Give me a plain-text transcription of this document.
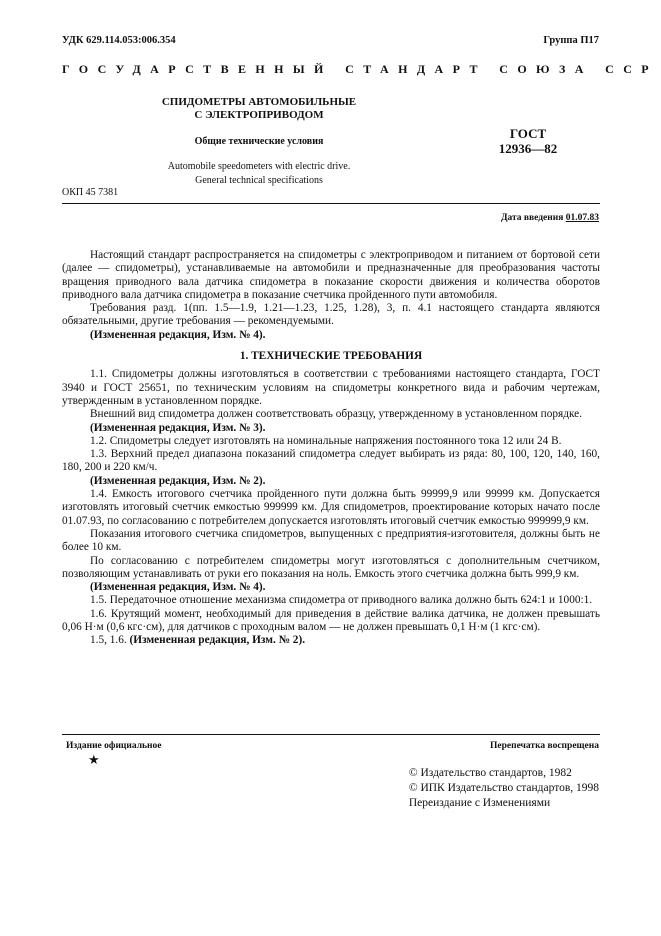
УДК 629.114.053:006.354	Группа П17
ГОСУДАРСТВЕННЫЙ СТАНДАРТ СОЮЗА ССР
СПИДОМЕТРЫ АВТОМОБИЛЬНЫЕ
С ЭЛЕКТРОПРИВОДОМ
Общие технические условия
ГОСТ
12936—82
Automobile speedometers with electric drive.
General technical specifications
ОКП 45 7381
Дата введения 01.07.83

Настоящий стандарт распространяется на спидометры с электроприводом и питанием от бортовой сети (далее — спидометры), устанавливаемые на автомобили и предназначенные для преобразования частоты вращения приводного вала датчика спидометра в показание скорости движения и количества оборотов приводного вала датчика спидометра в показание счетчика пройденного пути автомобиля.

Требования разд. 1(пп. 1.5—1.9, 1.21—1.23, 1.25, 1.28), 3, п. 4.1 настоящего стандарта являются обязательными, другие требования — рекомендуемыми.

(Измененная редакция, Изм. № 4).

1. ТЕХНИЧЕСКИЕ ТРЕБОВАНИЯ

1.1. Спидометры должны изготовляться в соответствии с требованиями настоящего стандарта, ГОСТ 3940 и ГОСТ 25651, по техническим условиям на спидометры конкретного вида и рабочим чертежам, утвержденным в установленном порядке.

Внешний вид спидометра должен соответствовать образцу, утвержденному в установленном порядке.

(Измененная редакция, Изм. № 3).

1.2. Спидометры следует изготовлять на номинальные напряжения постоянного тока 12 или 24 В.

1.3. Верхний предел диапазона показаний спидометра следует выбирать из ряда: 80, 100, 120, 140, 160, 180, 200 и 220 км/ч.

(Измененная редакция, Изм. № 2).

1.4. Емкость итогового счетчика пройденного пути должна быть 99999,9 или 99999 км. Допускается изготовлять итоговый счетчик емкостью 999999 км. Для спидометров, проектирование которых начато после 01.07.93, по согласованию с потребителем допускается изготовлять итоговый счетчик емкостью 999999,9 км.

Показания итогового счетчика спидометров, выпущенных с предприятия-изготовителя, должны быть не более 10 км.

По согласованию с потребителем спидометры могут изготовляться с дополнительным счетчиком, позволяющим устанавливать от руки его показания на ноль. Емкость этого счетчика должна быть 999,9 км.

(Измененная редакция, Изм. № 4).

1.5. Передаточное отношение механизма спидометра от приводного валика должно быть 624:1 и 1000:1.

1.6. Крутящий момент, необходимый для приведения в действие валика датчика, не должен превышать 0,06 Н·м (0,6 кгс·см), для датчиков с проходным валом — не должен превышать 0,1 Н·м (1 кгс·см).

1.5, 1.6. (Измененная редакция, Изм. № 2).

Издание официальное	Перепечатка воспрещена
★
© Издательство стандартов, 1982
© ИПК Издательство стандартов, 1998
Переиздание с Изменениями
